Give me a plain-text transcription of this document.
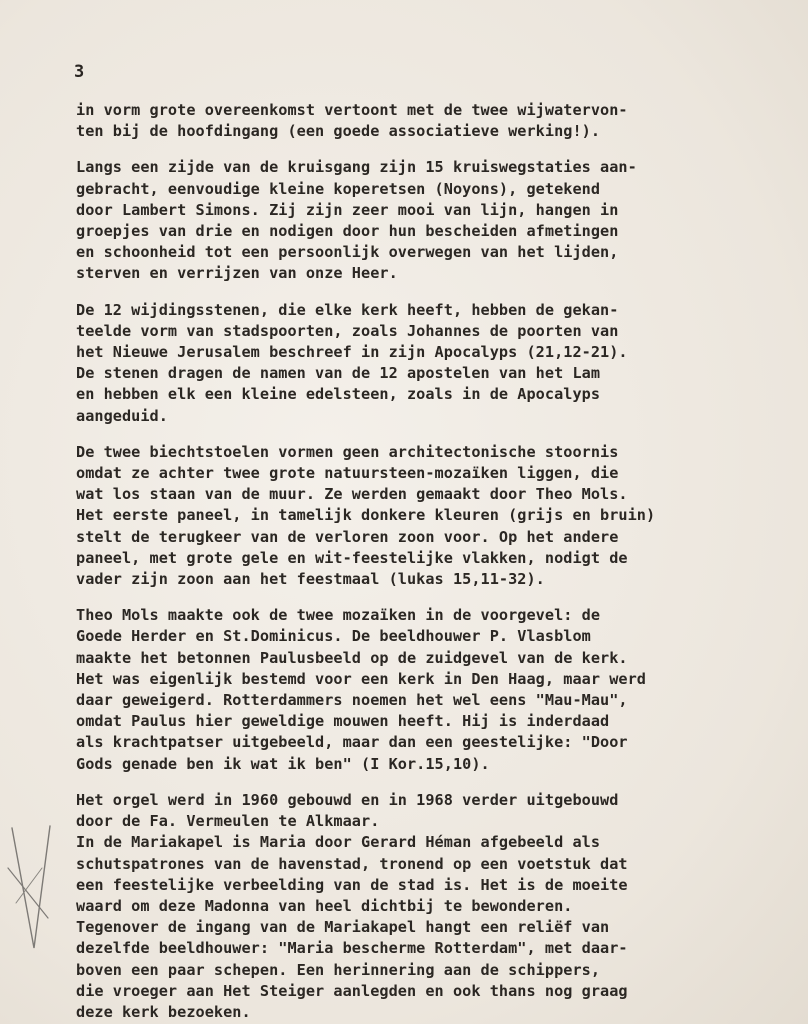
3
in vorm grote overeenkomst vertoont met de twee wijwatervon-
ten bij de hoofdingang (een goede associatieve werking!).
Langs een zijde van de kruisgang zijn 15 kruiswegstaties aan-
gebracht, eenvoudige kleine koperetsen (Noyons), getekend
door Lambert Simons. Zij zijn zeer mooi van lijn, hangen in
groepjes van drie en nodigen door hun bescheiden afmetingen
en schoonheid tot een persoonlijk overwegen van het lijden,
sterven en verrijzen van onze Heer.
De 12 wijdingsstenen, die elke kerk heeft, hebben de gekan-
teelde vorm van stadspoorten, zoals Johannes de poorten van
het Nieuwe Jerusalem beschreef in zijn Apocalyps (21,12-21).
De stenen dragen de namen van de 12 apostelen van het Lam
en hebben elk een kleine edelsteen, zoals in de Apocalyps
aangeduid.
De twee biechtstoelen vormen geen architectonische stoornis
omdat ze achter twee grote natuursteen-mozaïken liggen, die
wat los staan van de muur. Ze werden gemaakt door Theo Mols.
Het eerste paneel, in tamelijk donkere kleuren (grijs en bruin)
stelt de terugkeer van de verloren zoon voor. Op het andere
paneel, met grote gele en wit-feestelijke vlakken, nodigt de
vader zijn zoon aan het feestmaal (lukas 15,11-32).
Theo Mols maakte ook de twee mozaïken in de voorgevel: de
Goede Herder en St.Dominicus. De beeldhouwer P. Vlasblom
maakte het betonnen Paulusbeeld op de zuidgevel van de kerk.
Het was eigenlijk bestemd voor een kerk in Den Haag, maar werd
daar geweigerd. Rotterdammers noemen het wel eens "Mau-Mau",
omdat Paulus hier geweldige mouwen heeft. Hij is inderdaad
als krachtpatser uitgebeeld, maar dan een geestelijke: "Door
Gods genade ben ik wat ik ben" (I Kor.15,10).
Het orgel werd in 1960 gebouwd en in 1968 verder uitgebouwd
door de Fa. Vermeulen te Alkmaar.
In de Mariakapel is Maria door Gerard Héman afgebeeld als
schutspatrones van de havenstad, tronend op een voetstuk dat
een feestelijke verbeelding van de stad is. Het is de moeite
waard om deze Madonna van heel dichtbij te bewonderen.
Tegenover de ingang van de Mariakapel hangt een reliëf van
dezelfde beeldhouwer: "Maria bescherme Rotterdam", met daar-
boven een paar schepen. Een herinnering aan de schippers,
die vroeger aan Het Steiger aanlegden en ook thans nog graag
deze kerk bezoeken.
